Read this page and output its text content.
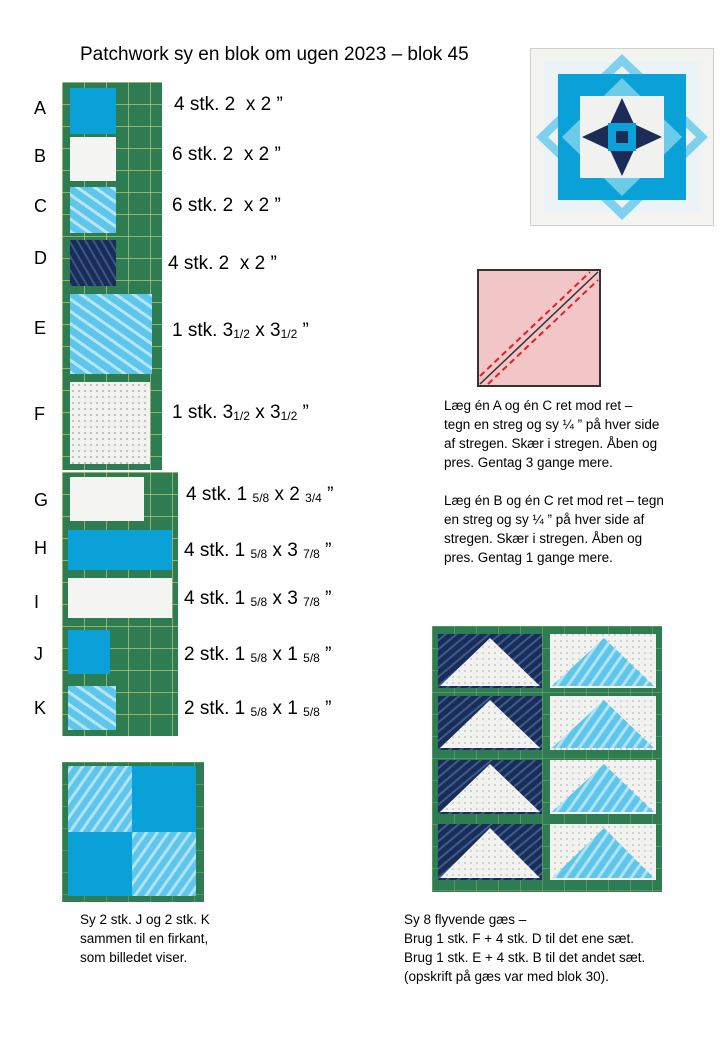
Patchwork sy en blok om ugen 2023 – blok 45
A
B
C
D
E
F
G
H
I
J
K
4 stk. 2 x 2 ”
6 stk. 2 x 2 ”
6 stk. 2 x 2 ”
4 stk. 2 x 2 ”
1 stk. $3_{1/2}$ x $3_{1/2}$ ”
1 stk. $3_{1/2}$ x $3_{1/2}$ ”
4 stk. 1 $_{5/8}$ x 2 $_{3/4}$ ”
4 stk. 1 $_{5/8}$ x 3 $_{7/8}$ ”
4 stk. 1 $_{5/8}$ x 3 $_{7/8}$ ”
2 stk. 1 $_{5/8}$ x 1 $_{5/8}$ ”
2 stk. 1 $_{5/8}$ x 1 $_{5/8}$ ”

Læg én A og én C ret mod ret –

tegn en streg og sy ¼ ” på hver side

af stregen. Skær i stregen. Åben og

pres. Gentag 3 gange mere.

Læg én B og én C ret mod ret – tegn

en streg og sy ¼ ” på hver side af

stregen. Skær i stregen. Åben og

pres. Gentag 1 gange mere.

Sy 2 stk. J og 2 stk. K

sammen til en firkant,

som billedet viser.

Sy 8 flyvende gæs –

Brug 1 stk. F + 4 stk. D til det ene sæt.

Brug 1 stk. E + 4 stk. B til det andet sæt.

(opskrift på gæs var med blok 30).
